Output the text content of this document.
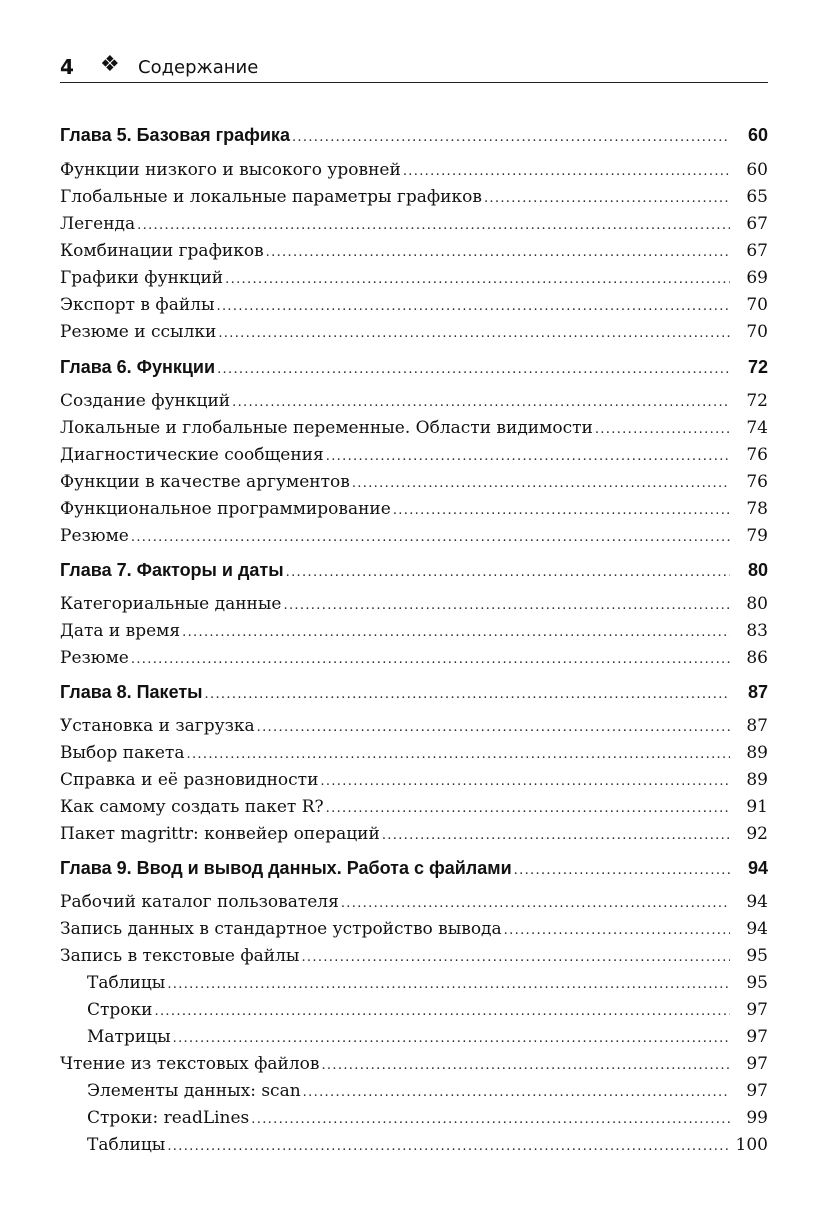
4 ❖ Содержание
Глава 5. Базовая графика . . .	60
Функции низкого и высокого уровней . . .	60
Глобальные и локальные параметры графиков . . .	65
Легенда . . .	67
Комбинации графиков . . .	67
Графики функций . . .	69
Экспорт в файлы . . .	70
Резюме и ссылки . . .	70
Глава 6. Функции . . .	72
Создание функций . . .	72
Локальные и глобальные переменные. Области видимости . . .	74
Диагностические сообщения . . .	76
Функции в качестве аргументов . . .	76
Функциональное программирование . . .	78
Резюме . . .	79
Глава 7. Факторы и даты . . .	80
Категориальные данные . . .	80
Дата и время . . .	83
Резюме . . .	86
Глава 8. Пакеты . . .	87
Установка и загрузка . . .	87
Выбор пакета . . .	89
Справка и её разновидности . . .	89
Как самому создать пакет R? . . .	91
Пакет magrittr: конвейер операций . . .	92
Глава 9. Ввод и вывод данных. Работа с файлами . . .	94
Рабочий каталог пользователя . . .	94
Запись данных в стандартное устройство вывода . . .	94
Запись в текстовые файлы . . .	95
Таблицы . . .	95
Строки . . .	97
Матрицы . . .	97
Чтение из текстовых файлов . . .	97
Элементы данных: scan . . .	97
Строки: readLines . . .	99
Таблицы . . .	100
